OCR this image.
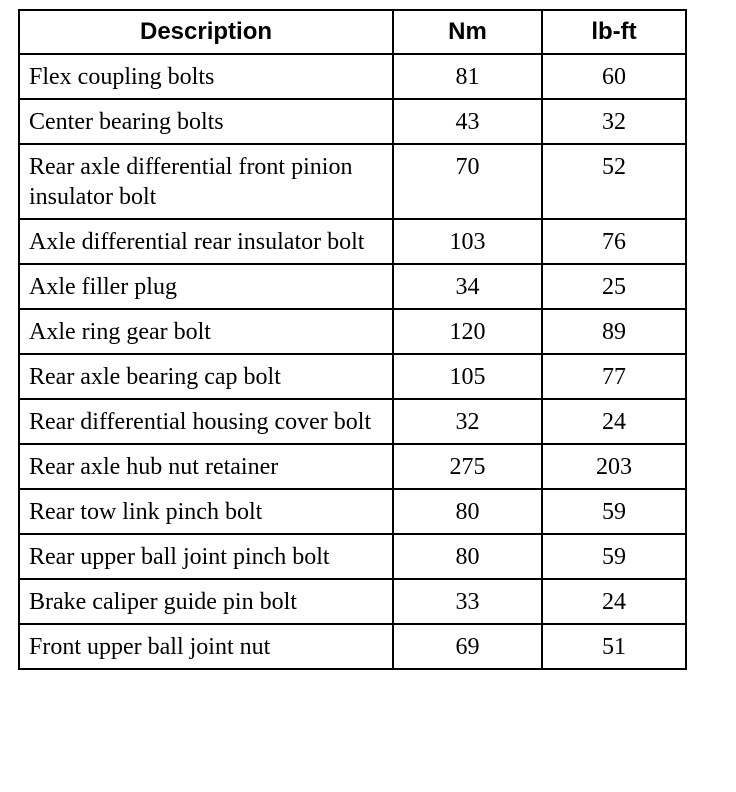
Description	Nm	lb-ft
Flex coupling bolts	81	60
Center bearing bolts	43	32
Rear axle differential front pinion insulator bolt	70	52
Axle differential rear insulator bolt	103	76
Axle filler plug	34	25
Axle ring gear bolt	120	89
Rear axle bearing cap bolt	105	77
Rear differential housing cover bolt	32	24
Rear axle hub nut retainer	275	203
Rear tow link pinch bolt	80	59
Rear upper ball joint pinch bolt	80	59
Brake caliper guide pin bolt	33	24
Front upper ball joint nut	69	51
